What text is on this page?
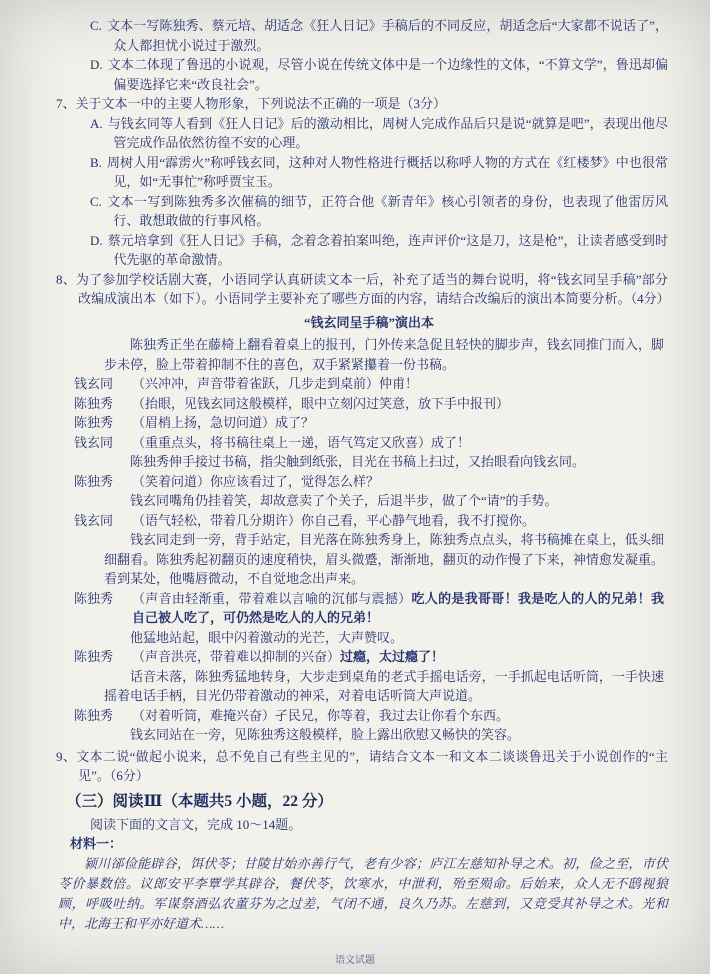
C. 文本一写陈独秀、蔡元培、胡适念《狂人日记》手稿后的不同反应，胡适念后“大家都不说话了”，众人都担忧小说过于激烈。
D. 文本二体现了鲁迅的小说观，尽管小说在传统文体中是一个边缘性的文体，“不算文学”，鲁迅却偏偏要选择它来“改良社会”。
7、关于文本一中的主要人物形象，下列说法不正确的一项是（3分）
A. 与钱玄同等人看到《狂人日记》后的激动相比，周树人完成作品后只是说“就算是吧”，表现出他尽管完成作品依然彷徨不安的心理。
B. 周树人用“霹雳火”称呼钱玄同，这种对人物性格进行概括以称呼人物的方式在《红楼梦》中也很常见，如“无事忙”称呼贾宝玉。
C. 文本一写到陈独秀多次催稿的细节，正符合他《新青年》核心引领者的身份，也表现了他雷厉风行、敢想敢做的行事风格。
D. 蔡元培拿到《狂人日记》手稿，念着念着拍案叫绝，连声评价“这是刀，这是枪”，让读者感受到时代先驱的革命激情。
8、为了参加学校话剧大赛，小语同学认真研读文本一后，补充了适当的舞台说明，将“钱玄同呈手稿”部分改编成演出本（如下）。小语同学主要补充了哪些方面的内容，请结合改编后的演出本简要分析。（4分）
“钱玄同呈手稿”演出本
陈独秀正坐在藤椅上翻看着桌上的报刊，门外传来急促且轻快的脚步声，钱玄同推门而入，脚步未停，脸上带着抑制不住的喜色，双手紧紧攥着一份书稿。
钱玄同	（兴冲冲，声音带着雀跃，几步走到桌前）仲甫！
陈独秀	（抬眼，见钱玄同这般模样，眼中立刻闪过笑意，放下手中报刊）
陈独秀	（眉梢上扬，急切问道）成了？
钱玄同	（重重点头，将书稿往桌上一递，语气笃定又欣喜）成了！
陈独秀伸手接过书稿，指尖触到纸张，目光在书稿上扫过，又抬眼看向钱玄同。
陈独秀	（笑着问道）你应该看过了，觉得怎么样？
钱玄同嘴角仍挂着笑，却故意卖了个关子，后退半步，做了个“请”的手势。
钱玄同	（语气轻松，带着几分期许）你自己看，平心静气地看，我不打搅你。
钱玄同走到一旁，背手站定，目光落在陈独秀身上，陈独秀点点头，将书稿摊在桌上，低头细细翻看。陈独秀起初翻页的速度稍快，眉头微蹙，渐渐地，翻页的动作慢了下来，神情愈发凝重。看到某处，他嘴唇微动，不自觉地念出声来。
陈独秀	（声音由轻渐重，带着难以言喻的沉郁与震撼）吃人的是我哥哥！我是吃人的人的兄弟！我自己被人吃了，可仍然是吃人的人的兄弟！
他猛地站起，眼中闪着激动的光芒，大声赞叹。
陈独秀	（声音洪亮，带着难以抑制的兴奋）过瘾，太过瘾了！
话音未落，陈独秀猛地转身，大步走到桌角的老式手摇电话旁，一手抓起电话听筒，一手快速摇着电话手柄，目光仍带着激动的神采，对着电话听筒大声说道。
陈独秀	（对着听筒，难掩兴奋）孑民兄，你等着，我过去让你看个东西。
钱玄同站在一旁，见陈独秀这般模样，脸上露出欣慰又畅快的笑容。
9、文本二说“做起小说来，总不免自己有些主见的”，请结合文本一和文本二谈谈鲁迅关于小说创作的“主见”。（6分）
（三）阅读Ⅲ（本题共5 小题，22 分）
阅读下面的文言文，完成 10～14题。
材料一：
颍川郤俭能辟谷，饵伏苓；甘陵甘始亦善行气，老有少容；庐江左慈知补导之术。初，俭之至，市伏苓价暴数倍。议郎安平李覃学其辟谷，餐伏苓，饮寒水，中泄利，殆至殒命。后始来，众人无不鸱视狼顾，呼吸吐纳。军谋祭酒弘农董芬为之过差，气闭不通，良久乃苏。左慈到，又竞受其补导之术。光和中，北海王和平亦好道术……
语文试题
